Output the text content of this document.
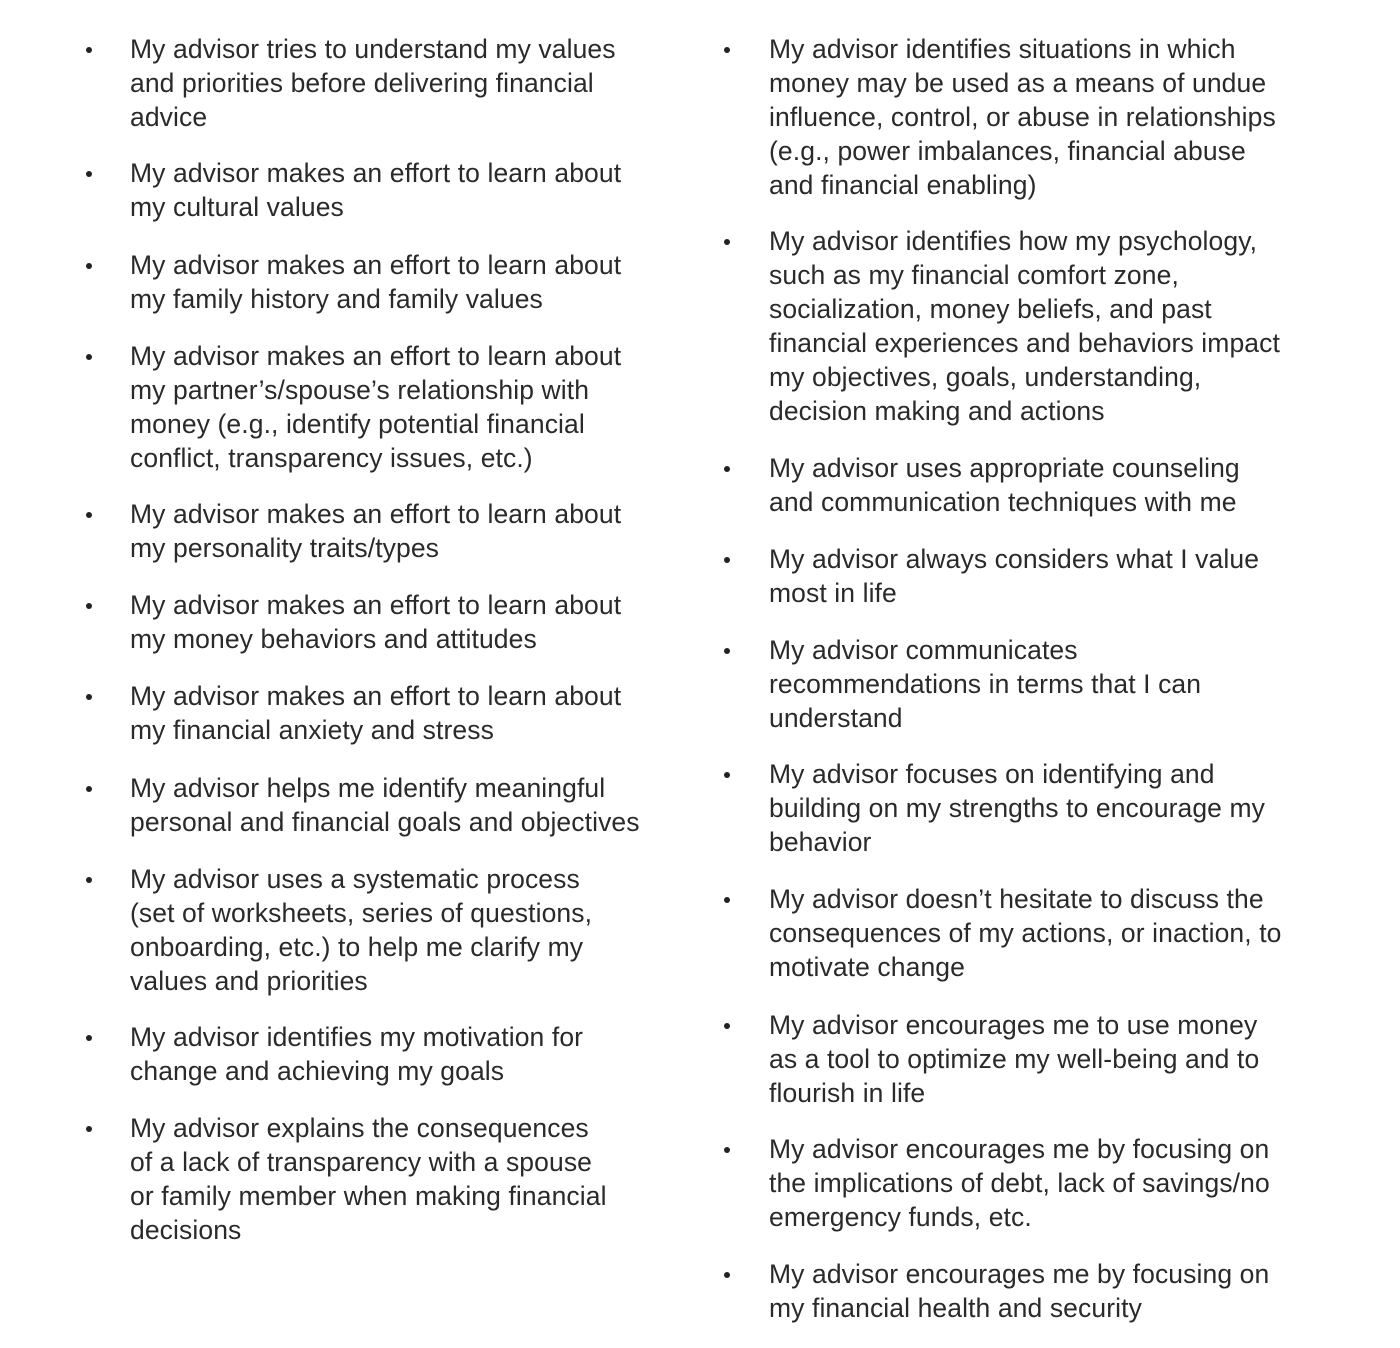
My advisor tries to understand my values
and priorities before delivering financial
advice

My advisor makes an effort to learn about
my cultural values

My advisor makes an effort to learn about
my family history and family values

My advisor makes an effort to learn about
my partner’s/spouse’s relationship with
money (e.g., identify potential financial
conflict, transparency issues, etc.)

My advisor makes an effort to learn about
my personality traits/types

My advisor makes an effort to learn about
my money behaviors and attitudes

My advisor makes an effort to learn about
my financial anxiety and stress

My advisor helps me identify meaningful
personal and financial goals and objectives

My advisor uses a systematic process
(set of worksheets, series of questions,
onboarding, etc.) to help me clarify my
values and priorities

My advisor identifies my motivation for
change and achieving my goals

My advisor explains the consequences
of a lack of transparency with a spouse
or family member when making financial
decisions

My advisor identifies situations in which
money may be used as a means of undue
influence, control, or abuse in relationships
(e.g., power imbalances, financial abuse
and financial enabling)

My advisor identifies how my psychology,
such as my financial comfort zone,
socialization, money beliefs, and past
financial experiences and behaviors impact
my objectives, goals, understanding,
decision making and actions

My advisor uses appropriate counseling
and communication techniques with me

My advisor always considers what I value
most in life

My advisor communicates
recommendations in terms that I can
understand

My advisor focuses on identifying and
building on my strengths to encourage my
behavior

My advisor doesn’t hesitate to discuss the
consequences of my actions, or inaction, to
motivate change

My advisor encourages me to use money
as a tool to optimize my well-being and to
flourish in life

My advisor encourages me by focusing on
the implications of debt, lack of savings/no
emergency funds, etc.

My advisor encourages me by focusing on
my financial health and security
